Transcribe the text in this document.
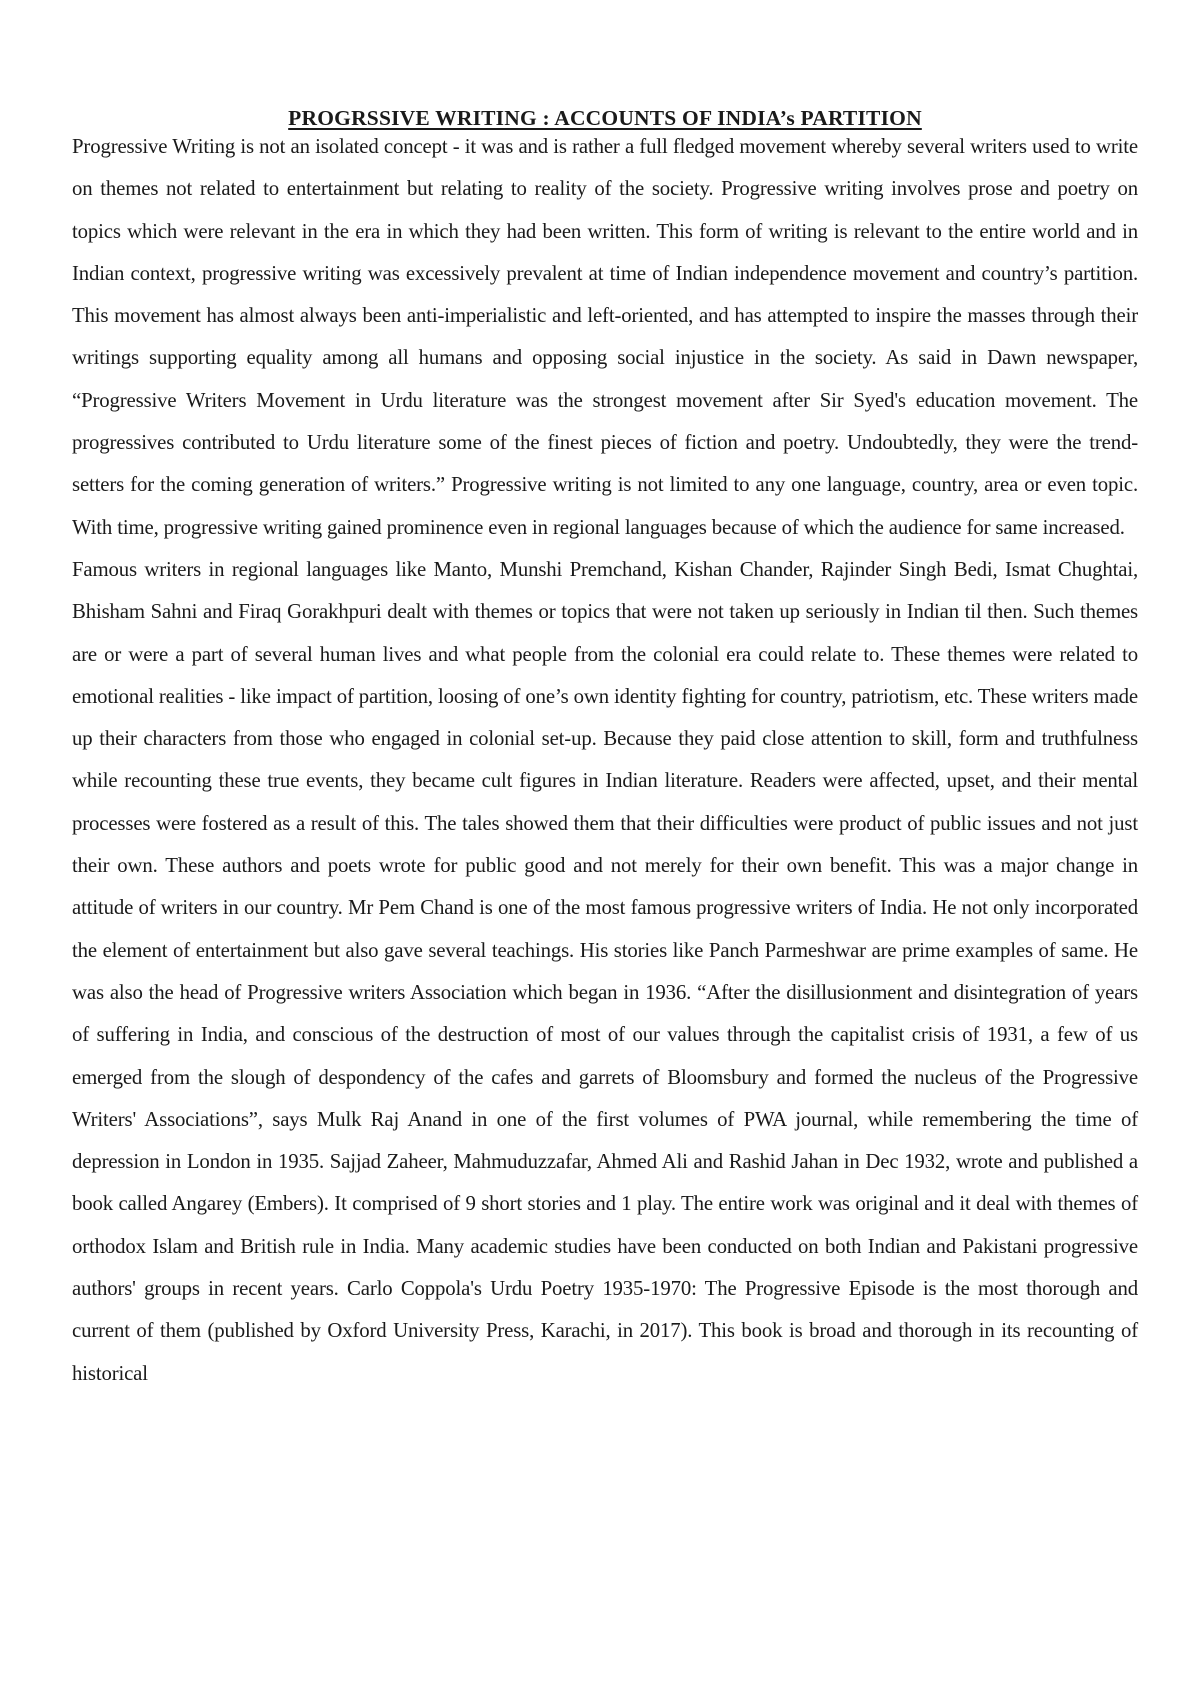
PROGRSSIVE WRITING : ACCOUNTS OF INDIA’s PARTITION

Progressive Writing is not an isolated concept - it was and is rather a full fledged movement whereby several writers used to write on themes not related to entertainment but relating to reality of the society. Progressive writing involves prose and poetry on topics which were relevant in the era in which they had been written. This form of writing is relevant to the entire world and in Indian context, progressive writing was excessively prevalent at time of Indian independence movement and country’s partition. This movement has almost always been anti-imperialistic and left-oriented, and has attempted to inspire the masses through their writings supporting equality among all humans and opposing social injustice in the society. As said in Dawn newspaper, “Progressive Writers Movement in Urdu literature was the strongest movement after Sir Syed's education movement. The progressives contributed to Urdu literature some of the finest pieces of fiction and poetry. Undoubtedly, they were the trend-setters for the coming generation of writers.” Progressive writing is not limited to any one language, country, area or even topic. With time, progressive writing gained prominence even in regional languages because of which the audience for same increased.

Famous writers in regional languages like Manto, Munshi Premchand, Kishan Chander, Rajinder Singh Bedi, Ismat Chughtai, Bhisham Sahni and Firaq Gorakhpuri dealt with themes or topics that were not taken up seriously in Indian til then. Such themes are or were a part of several human lives and what people from the colonial era could relate to. These themes were related to emotional realities - like impact of partition, loosing of one’s own identity fighting for country, patriotism, etc. These writers made up their characters from those who engaged in colonial set-up. Because they paid close attention to skill, form and truthfulness while recounting these true events, they became cult figures in Indian literature. Readers were affected, upset, and their mental processes were fostered as a result of this. The tales showed them that their difficulties were product of public issues and not just their own. These authors and poets wrote for public good and not merely for their own benefit. This was a major change in attitude of writers in our country. Mr Pem Chand is one of the most famous progressive writers of India. He not only incorporated the element of entertainment but also gave several teachings. His stories like Panch Parmeshwar are prime examples of same. He was also the head of Progressive writers Association which began in 1936. “After the disillusionment and disintegration of years of suffering in India, and conscious of the destruction of most of our values through the capitalist crisis of 1931, a few of us emerged from the slough of despondency of the cafes and garrets of Bloomsbury and formed the nucleus of the Progressive Writers' Associations”, says Mulk Raj Anand in one of the first volumes of PWA journal, while remembering the time of depression in London in 1935. Sajjad Zaheer, Mahmuduzzafar, Ahmed Ali and Rashid Jahan in Dec 1932, wrote and published a book called Angarey (Embers). It comprised of 9 short stories and 1 play. The entire work was original and it deal with themes of orthodox Islam and British rule in India. Many academic studies have been conducted on both Indian and Pakistani progressive authors' groups in recent years. Carlo Coppola's Urdu Poetry 1935-1970: The Progressive Episode is the most thorough and current of them (published by Oxford University Press, Karachi, in 2017). This book is broad and thorough in its recounting of historical
